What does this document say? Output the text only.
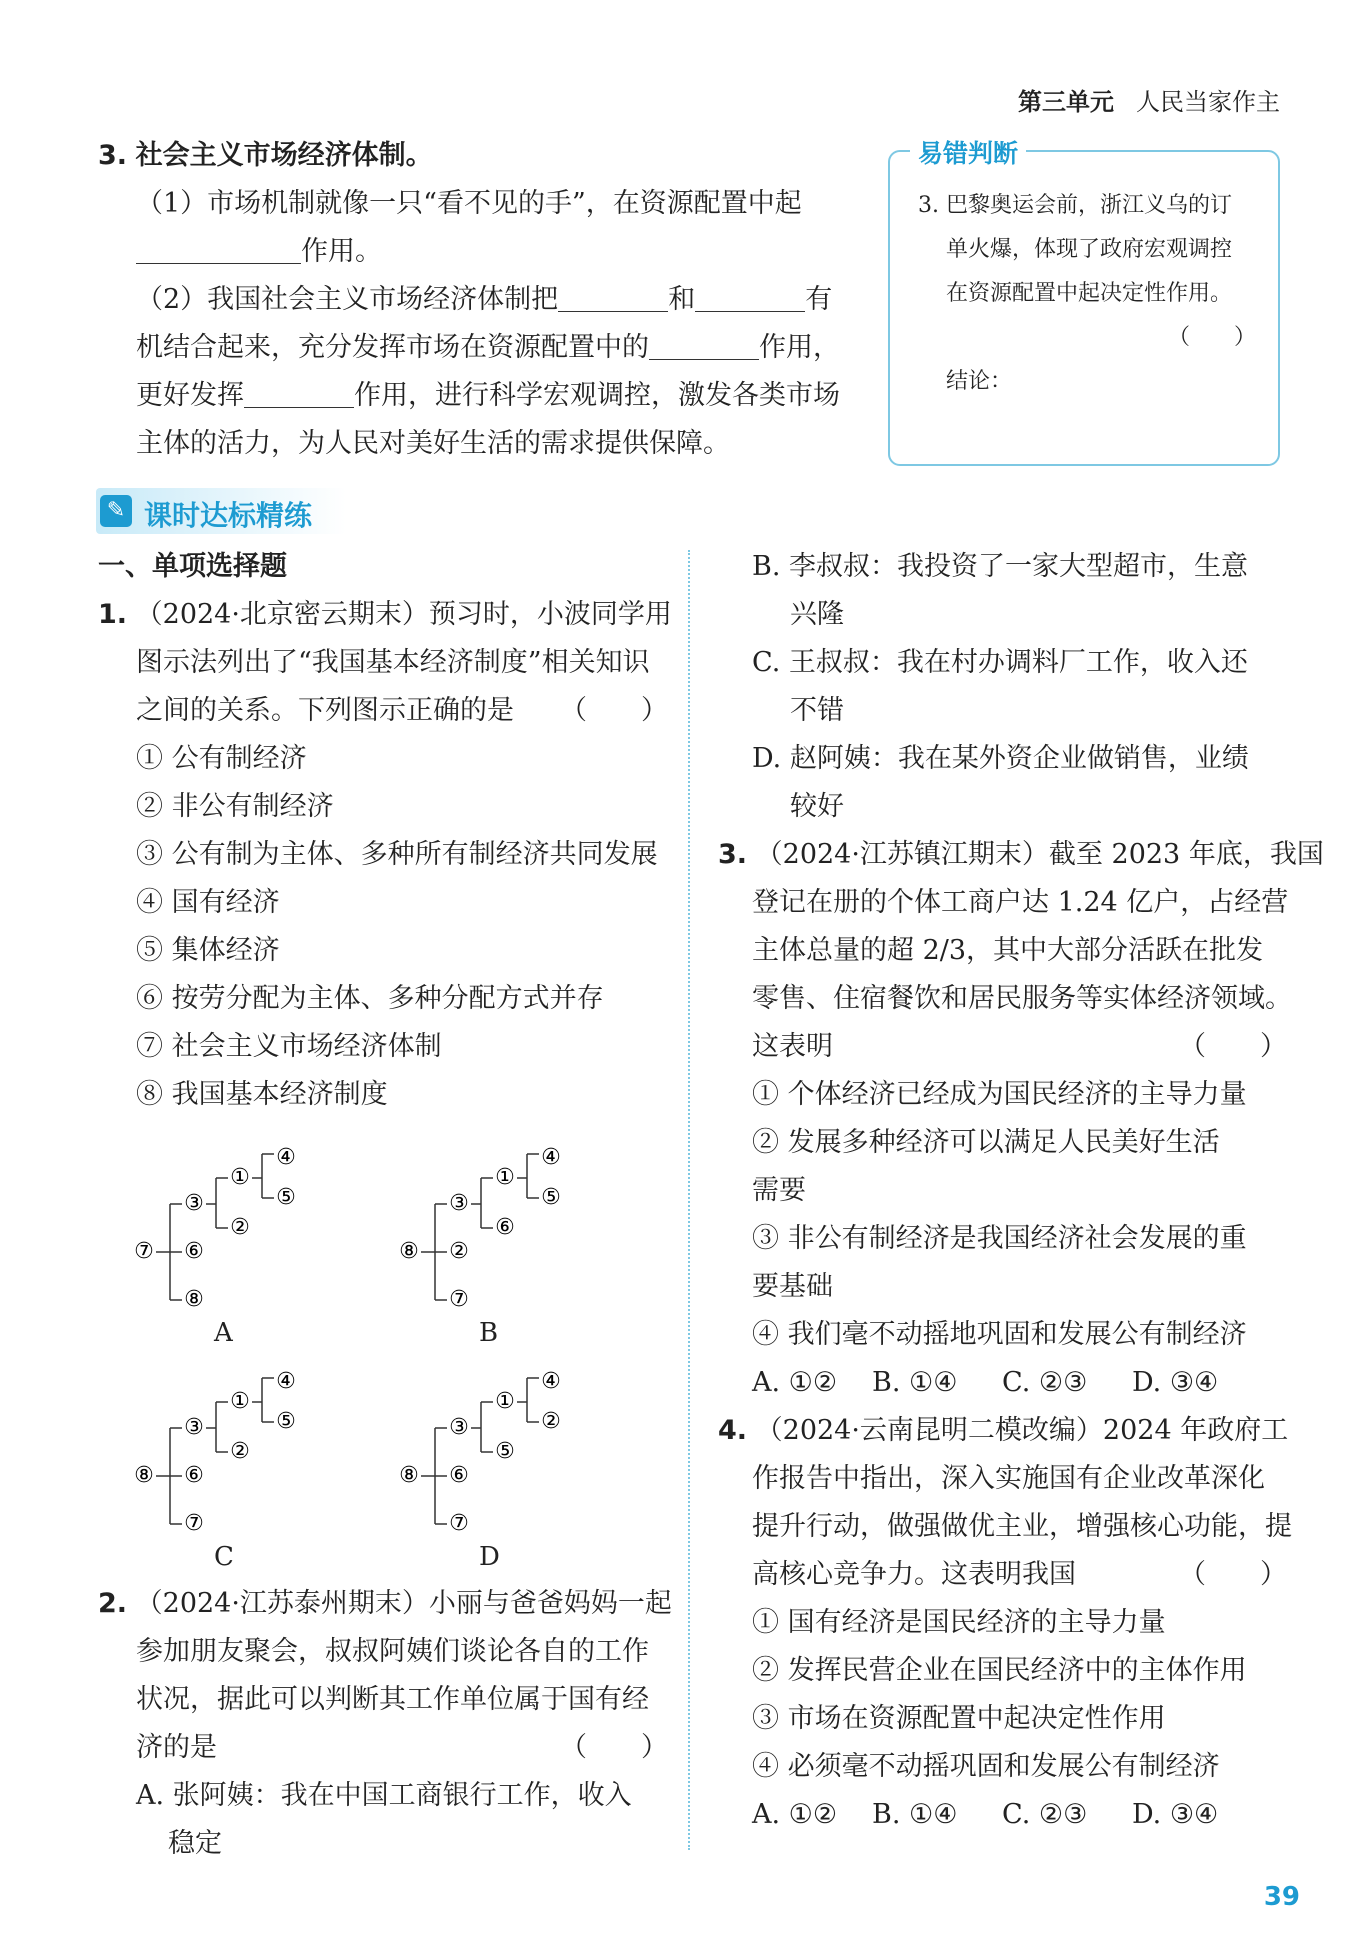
第三单元 人民当家作主
3. 社会主义市场经济体制。
（1）市场机制就像一只“看不见的手”，在资源配置中起
作用。
（2）我国社会主义市场经济体制把	和	有
机结合起来，充分发挥市场在资源配置中的	作用，
更好发挥	作用，进行科学宏观调控，激发各类市场
主体的活力，为人民对美好生活的需求提供保障。
易错判断
3. 巴黎奥运会前，浙江义乌的订
单火爆，体现了政府宏观调控
在资源配置中起决定性作用。
（　　）
结论：
✎ 课时达标精练
一、单项选择题
1. （2024·北京密云期末）预习时，小波同学用
图示法列出了“我国基本经济制度”相关知识
之间的关系。下列图示正确的是 （　　）
① 公有制经济
② 非公有制经济
③ 公有制为主体、多种所有制经济共同发展
④ 国有经济
⑤ 集体经济
⑥ 按劳分配为主体、多种分配方式并存
⑦ 社会主义市场经济体制
⑧ 我国基本经济制度
⑦
③
⑥
⑧
①
②
④
⑤
A
⑧
③
②
⑦
①
⑥
④
⑤
B
⑧
③
⑥
⑦
①
②
④
⑤
C
⑧
③
⑥
⑦
①
⑤
④
②
D
2. （2024·江苏泰州期末）小丽与爸爸妈妈一起
参加朋友聚会，叔叔阿姨们谈论各自的工作
状况，据此可以判断其工作单位属于国有经
济的是	（　　）
A. 张阿姨：我在中国工商银行工作，收入
稳定
B. 李叔叔：我投资了一家大型超市，生意
兴隆
C. 王叔叔：我在村办调料厂工作，收入还
不错
D. 赵阿姨：我在某外资企业做销售，业绩
较好
3. （2024·江苏镇江期末）截至 2023 年底，我国
登记在册的个体工商户达 1.24 亿户，占经营
主体总量的超 2/3，其中大部分活跃在批发
零售、住宿餐饮和居民服务等实体经济领域。
这表明	（　　）
① 个体经济已经成为国民经济的主导力量
② 发展多种经济可以满足人民美好生活
需要
③ 非公有制经济是我国经济社会发展的重
要基础
④ 我们毫不动摇地巩固和发展公有制经济
A. ①② B. ①④ C. ②③ D. ③④
4. （2024·云南昆明二模改编）2024 年政府工
作报告中指出，深入实施国有企业改革深化
提升行动，做强做优主业，增强核心功能，提
高核心竞争力。这表明我国	（　　）
① 国有经济是国民经济的主导力量
② 发挥民营企业在国民经济中的主体作用
③ 市场在资源配置中起决定性作用
④ 必须毫不动摇巩固和发展公有制经济
A. ①② B. ①④ C. ②③ D. ③④
39
